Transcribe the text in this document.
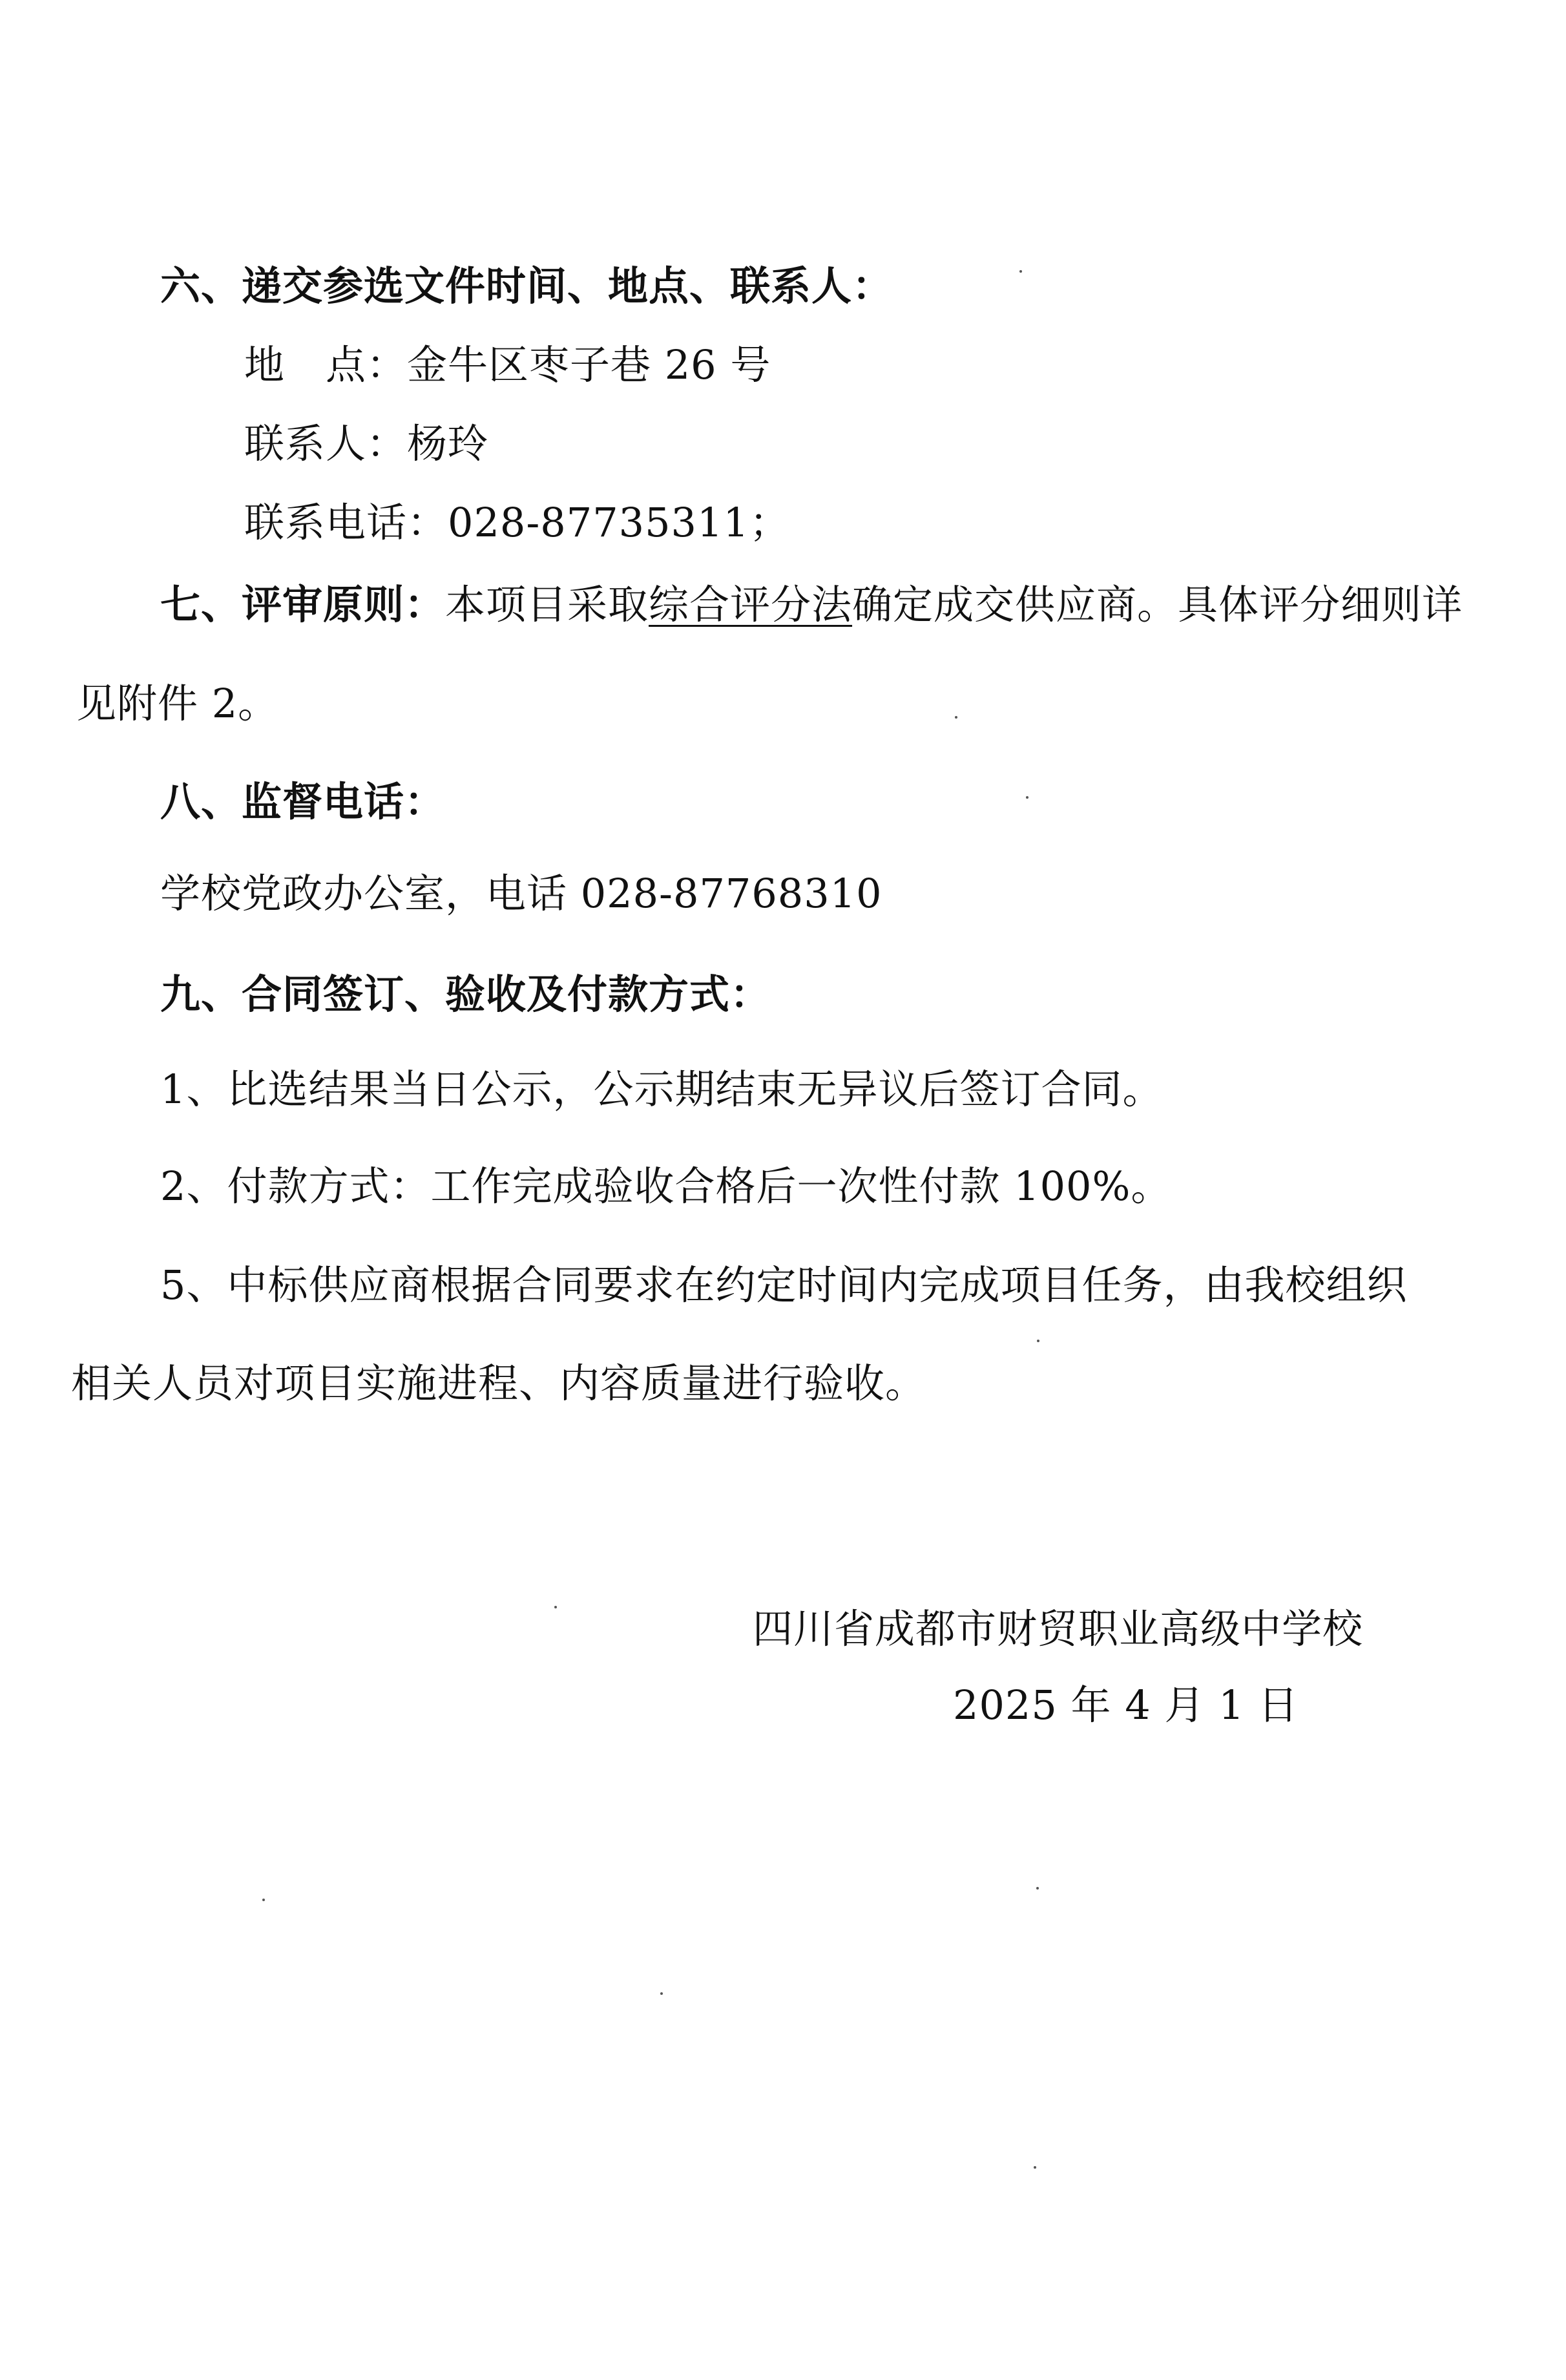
六、递交参选文件时间、地点、联系人：
地　点：金牛区枣子巷 26 号
联系人：杨玲
联系电话：028-87735311；
七、评审原则：本项目采取综合评分法确定成交供应商。具体评分细则详
见附件 2。
八、监督电话：
学校党政办公室，电话 028-87768310
九、合同签订、验收及付款方式：
1、比选结果当日公示，公示期结束无异议后签订合同。
2、付款方式：工作完成验收合格后一次性付款 100%。
5、中标供应商根据合同要求在约定时间内完成项目任务，由我校组织
相关人员对项目实施进程、内容质量进行验收。
四川省成都市财贸职业高级中学校
2025 年 4 月 1 日
